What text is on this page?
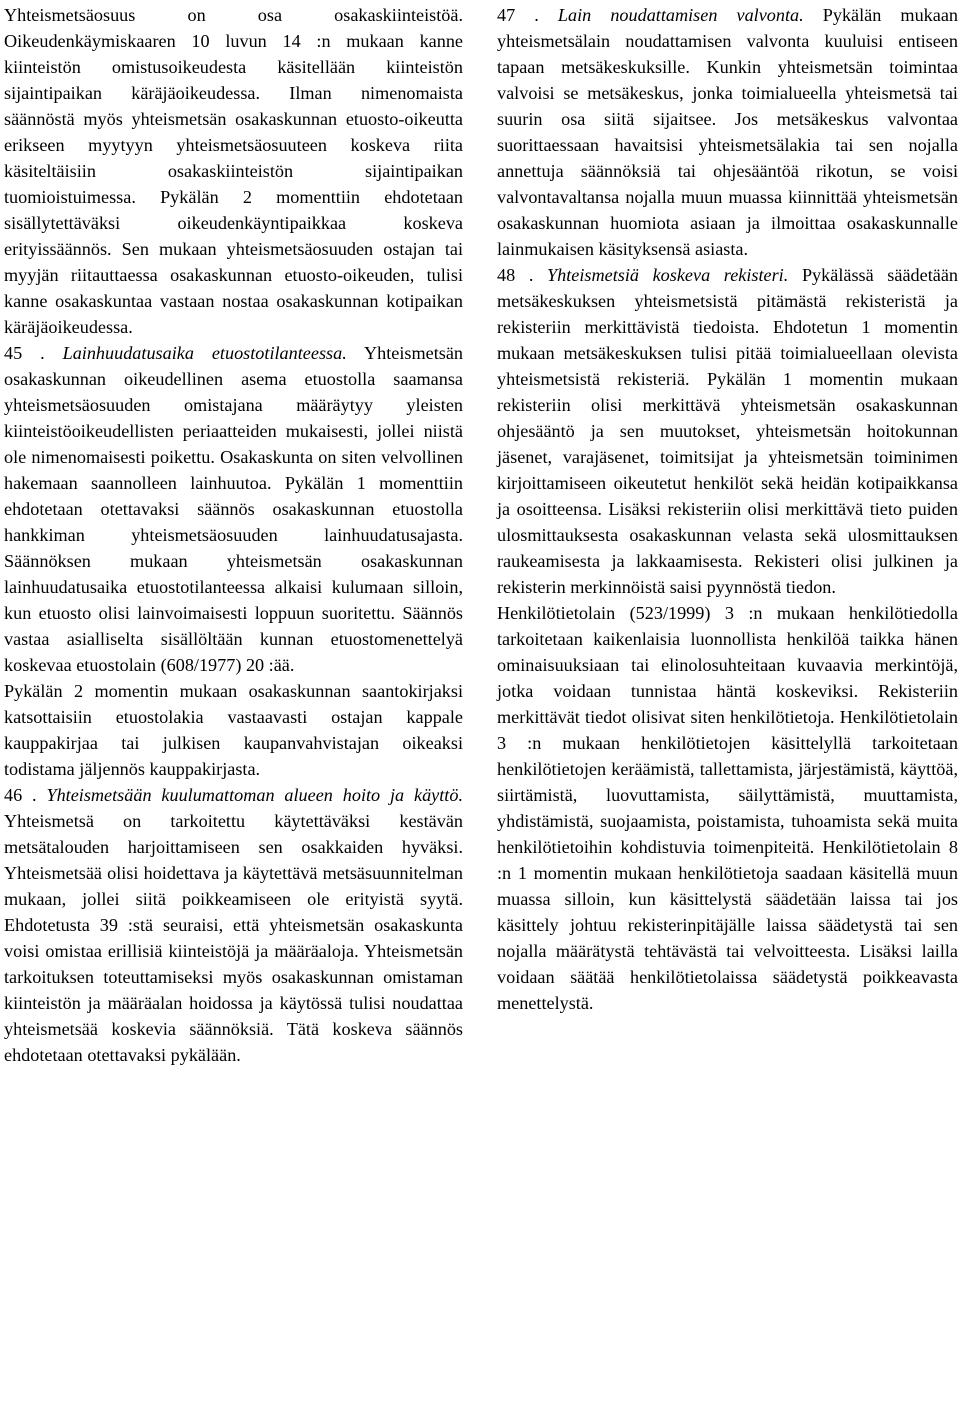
Yhteismetsäosuus on osa osakaskiinteistöä. Oikeudenkäymiskaaren 10 luvun 14 :n mukaan kanne kiinteistön omistusoikeudesta käsitellään kiinteistön sijaintipaikan käräjäoikeudessa. Ilman nimenomaista säännöstä myös yhteismetsän osakaskunnan etuosto-oikeutta erikseen myytyyn yhteismetsäosuuteen koskeva riita käsiteltäisiin osakaskiinteistön sijaintipaikan tuomioistuimessa. Pykälän 2 momenttiin ehdotetaan sisällytettäväksi oikeudenkäyntipaikkaa koskeva erityissäännös. Sen mukaan yhteismetsäosuuden ostajan tai myyjän riitauttaessa osakaskunnan etuosto-oikeuden, tulisi kanne osakaskuntaa vastaan nostaa osakaskunnan kotipaikan käräjäoikeudessa.

45 . Lainhuudatusaika etuostotilanteessa. Yhteismetsän osakaskunnan oikeudellinen asema etuostolla saamansa yhteismetsäosuuden omistajana määräytyy yleisten kiinteistöoikeudellisten periaatteiden mukaisesti, jollei niistä ole nimenomaisesti poikettu. Osakaskunta on siten velvollinen hakemaan saannolleen lainhuutoa. Pykälän 1 momenttiin ehdotetaan otettavaksi säännös osakaskunnan etuostolla hankkiman yhteismetsäosuuden lainhuudatusajasta. Säännöksen mukaan yhteismetsän osakaskunnan lainhuudatusaika etuostotilanteessa alkaisi kulumaan silloin, kun etuosto olisi lainvoimaisesti loppuun suoritettu. Säännös vastaa asialliselta sisällöltään kunnan etuostomenettelyä koskevaa etuostolain (608/1977) 20 :ää.

Pykälän 2 momentin mukaan osakaskunnan saantokirjaksi katsottaisiin etuostolakia vastaavasti ostajan kappale kauppakirjaa tai julkisen kaupanvahvistajan oikeaksi todistama jäljennös kauppakirjasta.

46 . Yhteismetsään kuulumattoman alueen hoito ja käyttö. Yhteismetsä on tarkoitettu käytettäväksi kestävän metsätalouden harjoittamiseen sen osakkaiden hyväksi. Yhteismetsää olisi hoidettava ja käytettävä metsäsuunnitelman mukaan, jollei siitä poikkeamiseen ole erityistä syytä. Ehdotetusta 39 :stä seuraisi, että yhteismetsän osakaskunta voisi omistaa erillisiä kiinteistöjä ja määräaloja. Yhteismetsän tarkoituksen toteuttamiseksi myös osakaskunnan omistaman kiinteistön ja määräalan hoidossa ja käytössä tulisi noudattaa yhteismetsää koskevia säännöksiä. Tätä koskeva säännös ehdotetaan otettavaksi pykälään.

47 . Lain noudattamisen valvonta. Pykälän mukaan yhteismetsälain noudattamisen valvonta kuuluisi entiseen tapaan metsäkeskuksille. Kunkin yhteismetsän toimintaa valvoisi se metsäkeskus, jonka toimialueella yhteismetsä tai suurin osa siitä sijaitsee. Jos metsäkeskus valvontaa suorittaessaan havaitsisi yhteismetsälakia tai sen nojalla annettuja säännöksiä tai ohjesääntöä rikotun, se voisi valvontavaltansa nojalla muun muassa kiinnittää yhteismetsän osakaskunnan huomiota asiaan ja ilmoittaa osakaskunnalle lainmukaisen käsityksensä asiasta.

48 . Yhteismetsiä koskeva rekisteri. Pykälässä säädetään metsäkeskuksen yhteismetsistä pitämästä rekisteristä ja rekisteriin merkittävistä tiedoista. Ehdotetun 1 momentin mukaan metsäkeskuksen tulisi pitää toimialueellaan olevista yhteismetsistä rekisteriä. Pykälän 1 momentin mukaan rekisteriin olisi merkittävä yhteismetsän osakaskunnan ohjesääntö ja sen muutokset, yhteismetsän hoitokunnan jäsenet, varajäsenet, toimitsijat ja yhteismetsän toiminimen kirjoittamiseen oikeutetut henkilöt sekä heidän kotipaikkansa ja osoitteensa. Lisäksi rekisteriin olisi merkittävä tieto puiden ulosmittauksesta osakaskunnan velasta sekä ulosmittauksen raukeamisesta ja lakkaamisesta. Rekisteri olisi julkinen ja rekisterin merkinnöistä saisi pyynnöstä tiedon.

Henkilötietolain (523/1999) 3 :n mukaan henkilötiedolla tarkoitetaan kaikenlaisia luonnollista henkilöä taikka hänen ominaisuuksiaan tai elinolosuhteitaan kuvaavia merkintöjä, jotka voidaan tunnistaa häntä koskeviksi. Rekisteriin merkittävät tiedot olisivat siten henkilötietoja. Henkilötietolain 3 :n mukaan henkilötietojen käsittelyllä tarkoitetaan henkilötietojen keräämistä, tallettamista, järjestämistä, käyttöä, siirtämistä, luovuttamista, säilyttämistä, muuttamista, yhdistämistä, suojaamista, poistamista, tuhoamista sekä muita henkilötietoihin kohdistuvia toimenpiteitä. Henkilötietolain 8 :n 1 momentin mukaan henkilötietoja saadaan käsitellä muun muassa silloin, kun käsittelystä säädetään laissa tai jos käsittely johtuu rekisterinpitäjälle laissa säädetystä tai sen nojalla määrätystä tehtävästä tai velvoitteesta. Lisäksi lailla voidaan säätää henkilötietolaissa säädetystä poikkeavasta menettelystä.
